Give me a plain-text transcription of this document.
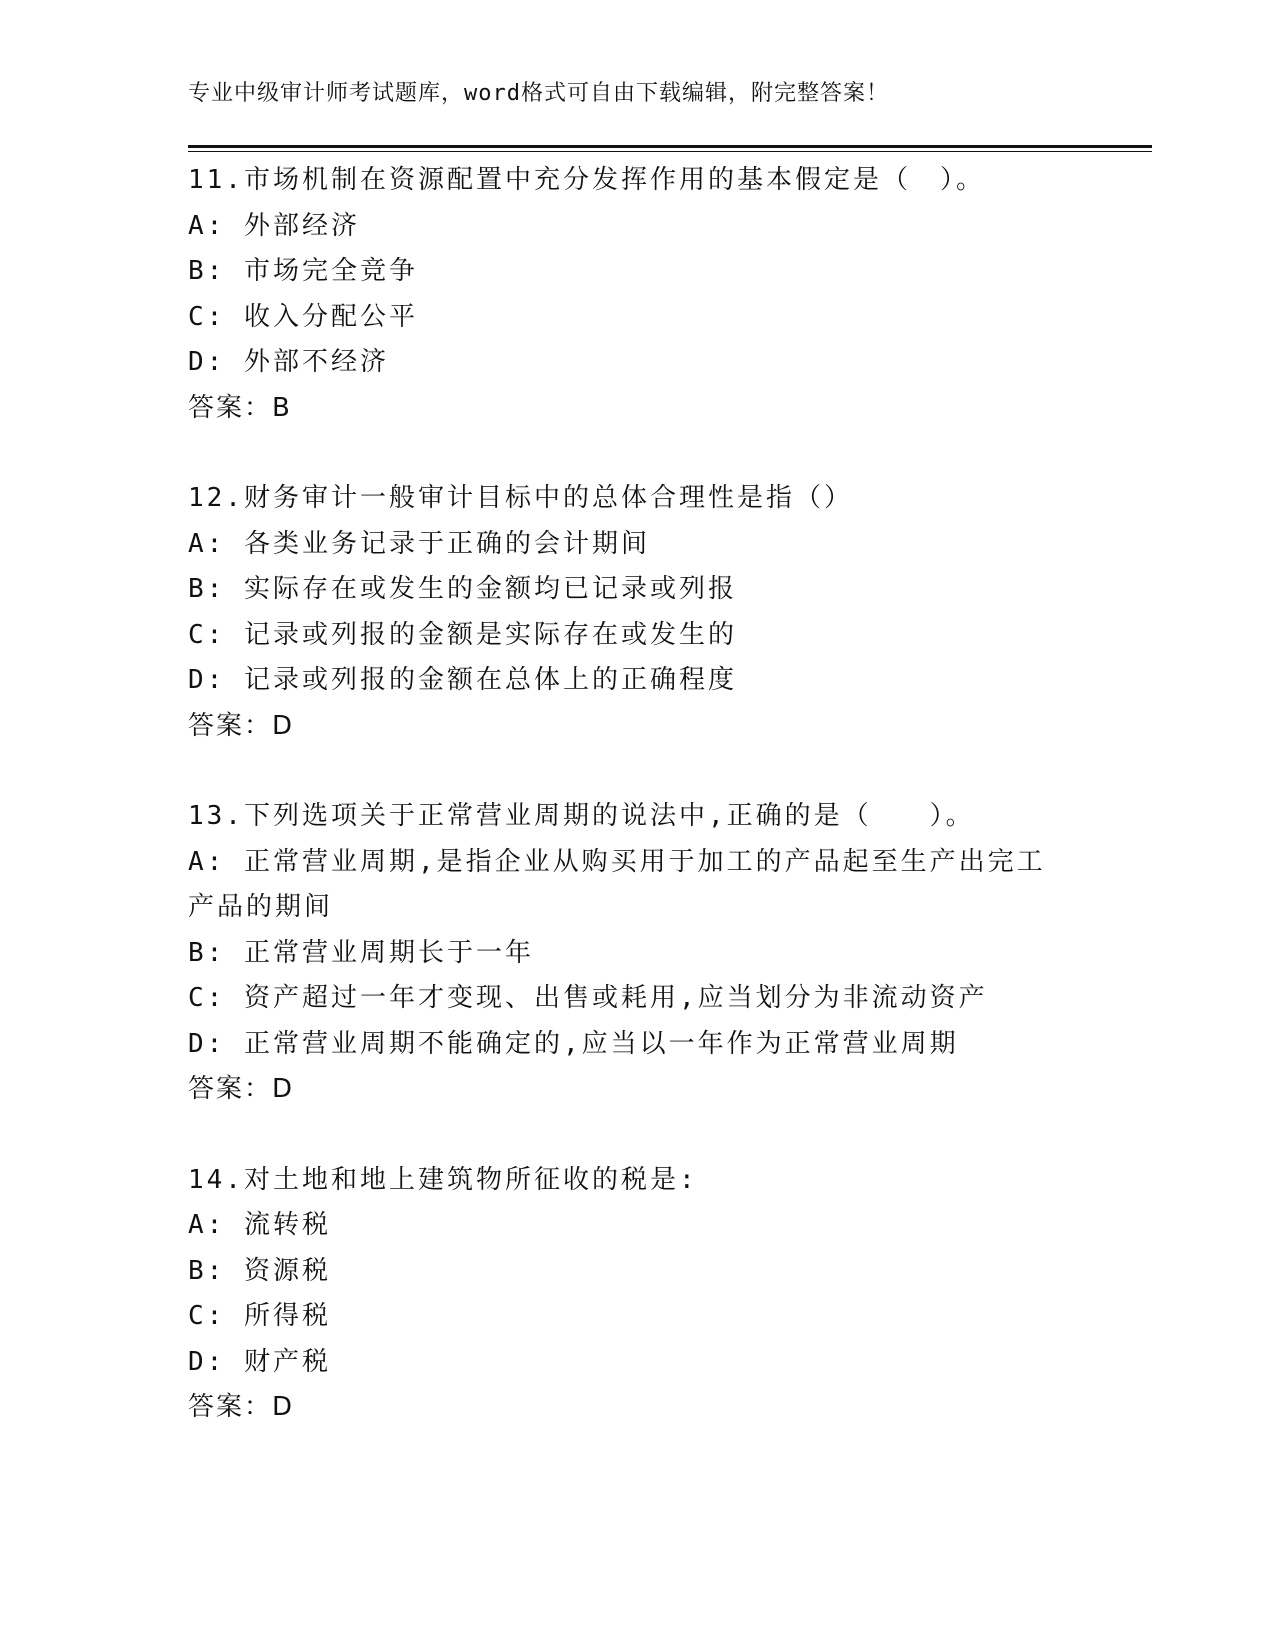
专业中级审计师考试题库，word格式可自由下载编辑，附完整答案！
11.市场机制在资源配置中充分发挥作用的基本假定是（　）。
A: 外部经济
B: 市场完全竞争
C: 收入分配公平
D: 外部不经济
答案：B
12.财务审计一般审计目标中的总体合理性是指（）
A: 各类业务记录于正确的会计期间
B: 实际存在或发生的金额均已记录或列报
C: 记录或列报的金额是实际存在或发生的
D: 记录或列报的金额在总体上的正确程度
答案：D
13.下列选项关于正常营业周期的说法中,正确的是（　　）。
A: 正常营业周期,是指企业从购买用于加工的产品起至生产出完工产品的期间
B: 正常营业周期长于一年
C: 资产超过一年才变现、出售或耗用,应当划分为非流动资产
D: 正常营业周期不能确定的,应当以一年作为正常营业周期
答案：D
14.对土地和地上建筑物所征收的税是:
A: 流转税
B: 资源税
C: 所得税
D: 财产税
答案：D
